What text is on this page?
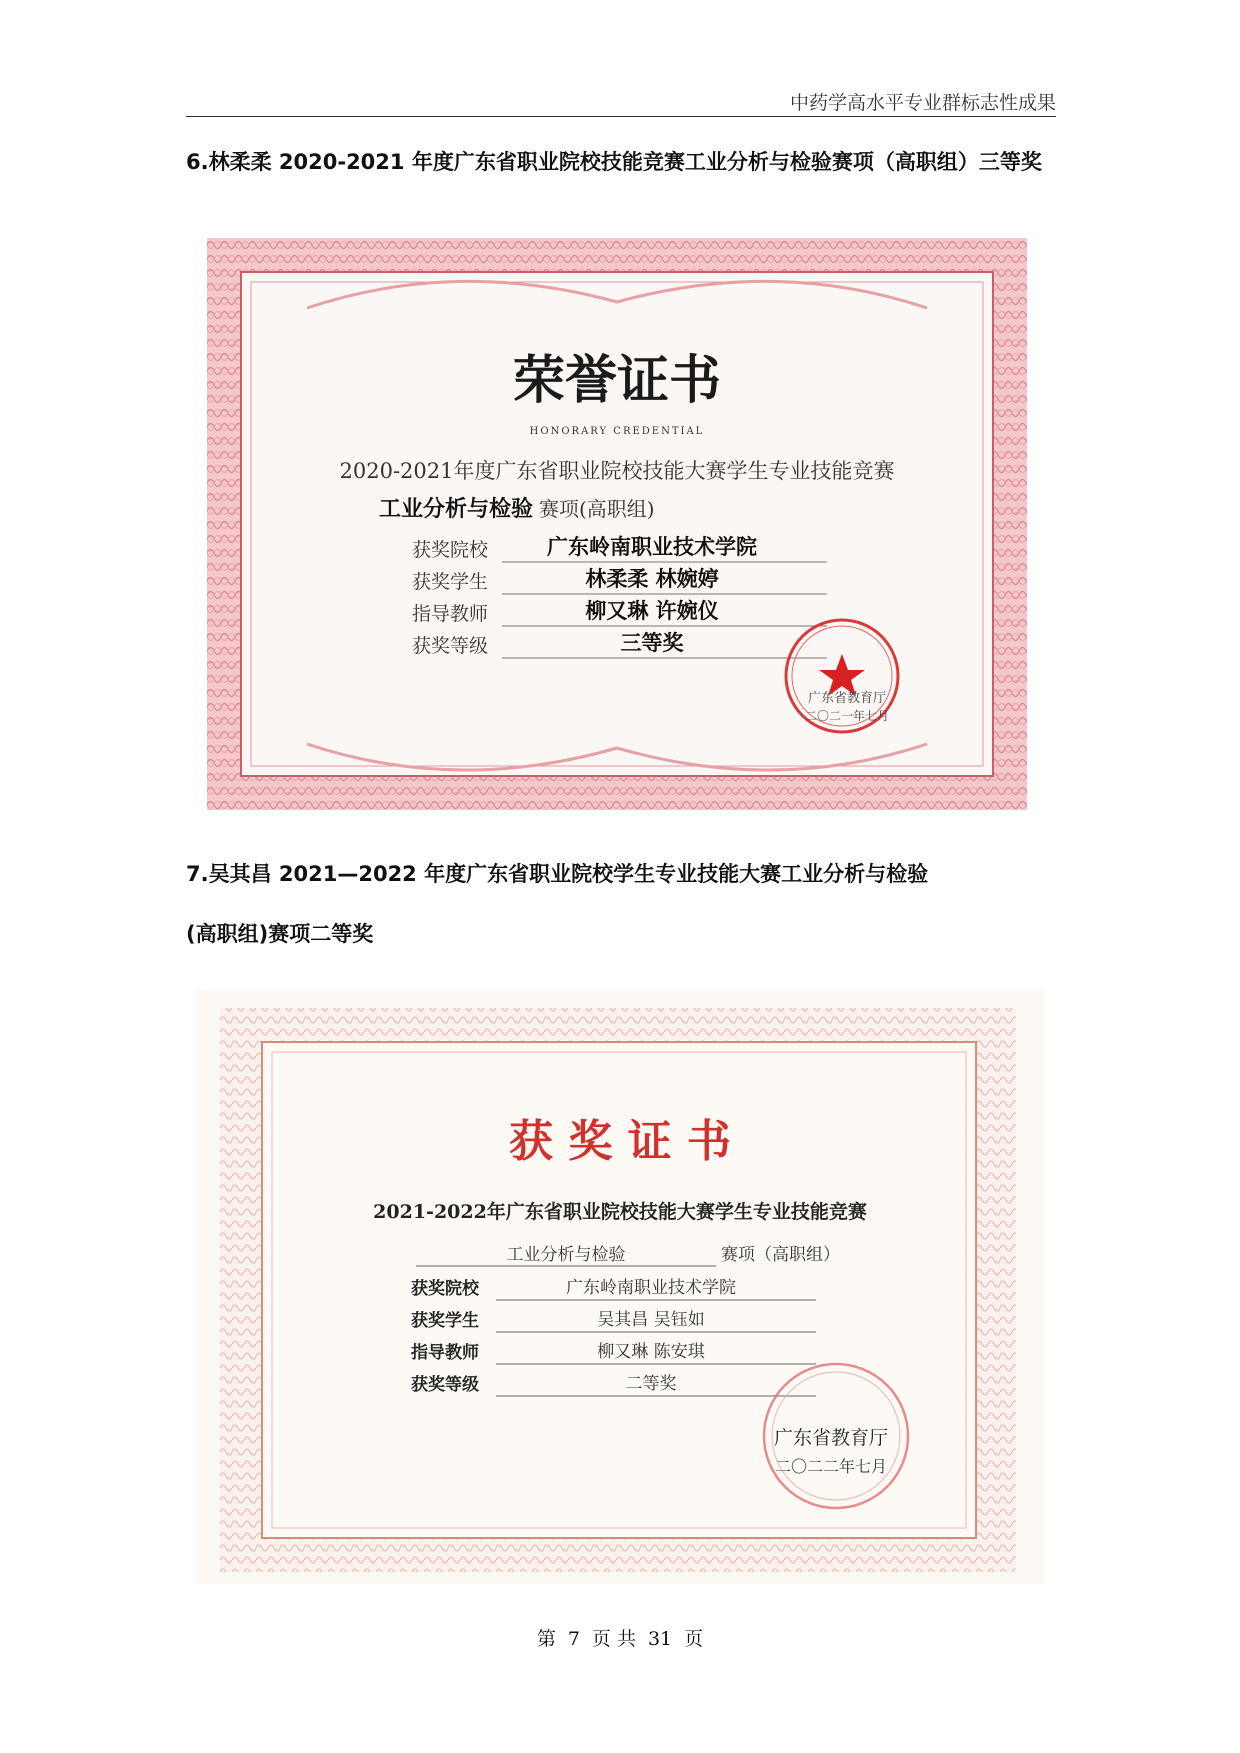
中药学高水平专业群标志性成果
6.林柔柔 2020-2021 年度广东省职业院校技能竞赛工业分析与检验赛项（高职组）三等奖
荣誉证书
HONORARY CREDENTIAL
2020-2021年度广东省职业院校技能大赛学生专业技能竞赛
工业分析与检验 赛项(高职组)
获奖院校	广东岭南职业技术学院
获奖学生	林柔柔 林婉婷
指导教师	柳又琳 许婉仪
获奖等级	三等奖
广东省教育厅
二〇二一年七月
7.吴其昌 2021—2022 年度广东省职业院校学生专业技能大赛工业分析与检验
(高职组)赛项二等奖
获 奖 证 书
2021-2022年广东省职业院校技能大赛学生专业技能竞赛
工业分析与检验	赛项（高职组）
获奖院校	广东岭南职业技术学院
获奖学生	吴其昌 吴钰如
指导教师	柳又琳 陈安琪
获奖等级	二等奖
广东省教育厅
二〇二二年七月
第 7 页 共 31 页
